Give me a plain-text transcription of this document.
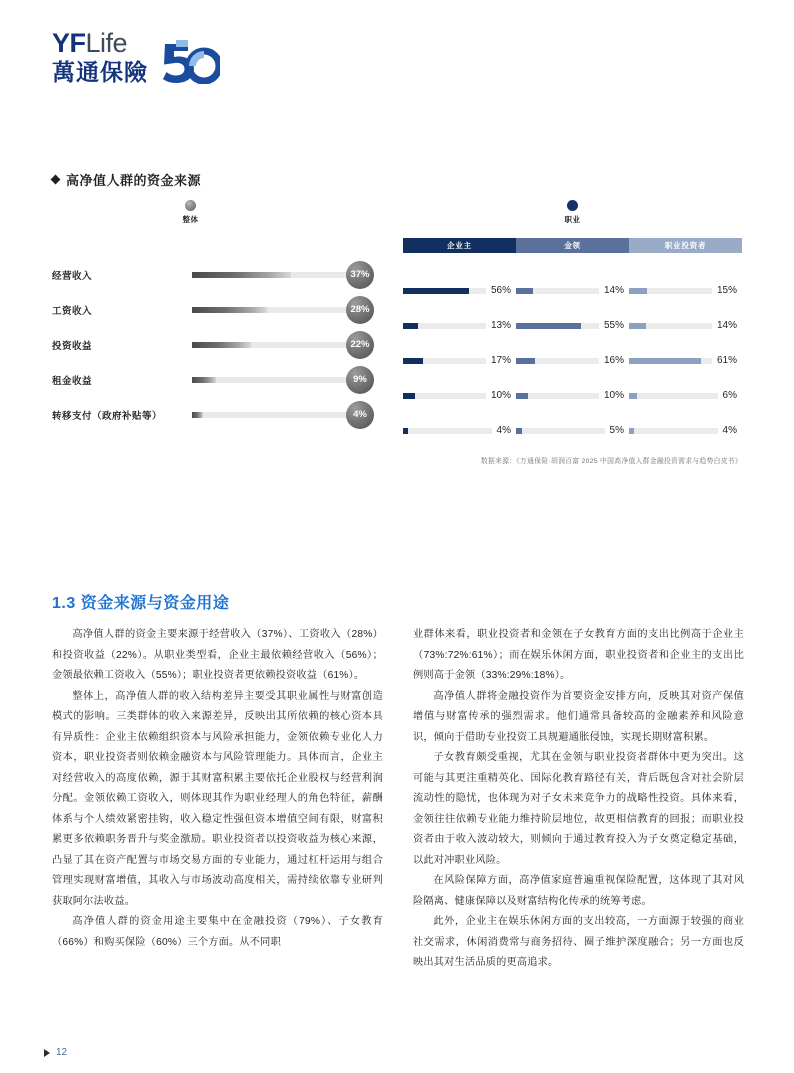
YFLife
萬通保險
高净值人群的资金来源
整体
经营收入	37%
工资收入	28%
投资收益	22%
租金收益	9%
转移支付（政府补贴等）	4%
职业
企业主	金领	职业投资者
56%	14%	15%
13%	55%	14%
17%	16%	61%
10%	10%	6%
4%	5%	4%
数据来源：《万通保险·胡润百富 2025 中国高净值人群金融投资需求与趋势白皮书》
1.3 资金来源与资金用途

高净值人群的资金主要来源于经营收入（37%）、工资收入（28%）和投资收益（22%）。从职业类型看，企业主最依赖经营收入（56%）；金领最依赖工资收入（55%）；职业投资者更依赖投资收益（61%）。

整体上，高净值人群的收入结构差异主要受其职业属性与财富创造模式的影响。三类群体的收入来源差异，反映出其所依赖的核心资本具有异质性：企业主依赖组织资本与风险承担能力，金领依赖专业化人力资本，职业投资者则依赖金融资本与风险管理能力。具体而言，企业主对经营收入的高度依赖，源于其财富积累主要依托企业股权与经营利润分配。金领依赖工资收入，则体现其作为职业经理人的角色特征，薪酬体系与个人绩效紧密挂钩，收入稳定性强但资本增值空间有限，财富积累更多依赖职务晋升与奖金激励。职业投资者以投资收益为核心来源，凸显了其在资产配置与市场交易方面的专业能力，通过杠杆运用与组合管理实现财富增值，其收入与市场波动高度相关，需持续依靠专业研判获取阿尔法收益。

高净值人群的资金用途主要集中在金融投资（79%）、子女教育（66%）和购买保险（60%）三个方面。从不同职

业群体来看，职业投资者和金领在子女教育方面的支出比例高于企业主（73%:72%:61%）；而在娱乐休闲方面，职业投资者和企业主的支出比例则高于金领（33%:29%:18%）。

高净值人群将金融投资作为首要资金安排方向，反映其对资产保值增值与财富传承的强烈需求。他们通常具备较高的金融素养和风险意识，倾向于借助专业投资工具规避通胀侵蚀，实现长期财富积累。

子女教育颇受重视，尤其在金领与职业投资者群体中更为突出。这可能与其更注重精英化、国际化教育路径有关，背后既包含对社会阶层流动性的隐忧，也体现为对子女未来竞争力的战略性投资。具体来看，金领往往依赖专业能力维持阶层地位，故更相信教育的回报；而职业投资者由于收入波动较大，则倾向于通过教育投入为子女奠定稳定基础，以此对冲职业风险。

在风险保障方面，高净值家庭普遍重视保险配置，这体现了其对风险隔离、健康保障以及财富结构化传承的统筹考虑。

此外，企业主在娱乐休闲方面的支出较高，一方面源于较强的商业社交需求，休闲消费常与商务招待、圈子维护深度融合；另一方面也反映出其对生活品质的更高追求。

12
